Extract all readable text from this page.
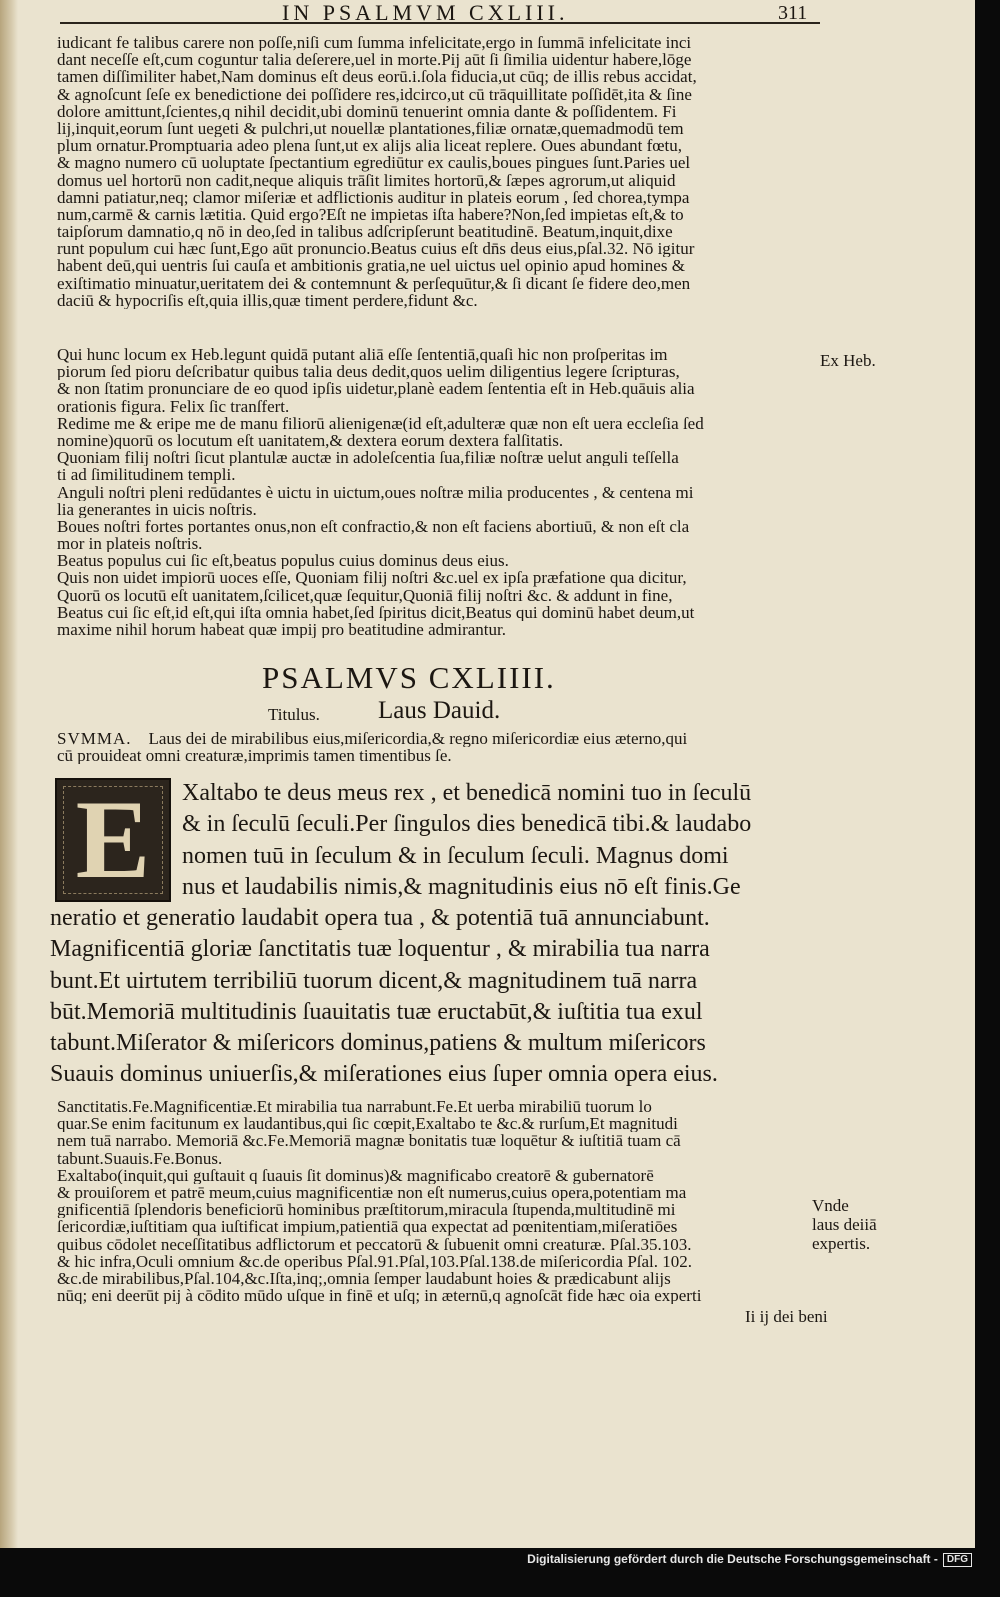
IN PSALMVM CXLIII.	311
iudicant fe talibus carere non poſſe,niſi cum ſumma infelicitate,ergo in ſummā infelicitate inci
dant neceſſe eſt,cum coguntur talia deſerere,uel in morte.Pij aūt ſi ſimilia uidentur habere,lōge
tamen diſſimiliter habet,Nam dominus eſt deus eorū.i.ſola fiducia,ut cūq; de illis rebus accidat,
& agnoſcunt ſeſe ex benedictione dei poſſidere res,idcirco,ut cū trāquillitate poſſidēt,ita & ſine
dolore amittunt,ſcientes,q nihil decidit,ubi dominū tenuerint omnia dante & poſſidentem. Fi
lij,inquit,eorum ſunt uegeti & pulchri,ut nouellæ plantationes,filiæ ornatæ,quemadmodū tem
plum ornatur.Promptuaria adeo plena ſunt,ut ex alijs alia liceat replere. Oues abundant fœtu,
& magno numero cū uoluptate ſpectantium egrediūtur ex caulis,boues pingues ſunt.Paries uel
domus uel hortorū non cadit,neque aliquis trāſit limites hortorū,& ſæpes agrorum,ut aliquid
damni patiatur,neq; clamor miſeriæ et adflictionis auditur in plateis eorum , ſed chorea,tympa
num,carmē & carnis lætitia. Quid ergo?Eſt ne impietas iſta habere?Non,ſed impietas eſt,& to
taipſorum damnatio,q nō in deo,ſed in talibus adſcripſerunt beatitudinē. Beatum,inquit,dixe
runt populum cui hæc ſunt,Ego aūt pronuncio.Beatus cuius eſt dn̄s deus eius,pſal.32. Nō igitur
habent deū,qui uentris ſui cauſa et ambitionis gratia,ne uel uictus uel opinio apud homines &
exiſtimatio minuatur,ueritatem dei & contemnunt & perſequūtur,& ſi dicant ſe fidere deo,men
daciū & hypocriſis eſt,quia illis,quæ timent perdere,fidunt &c.
Qui hunc locum ex Heb.legunt quidā putant aliā eſſe ſententiā,quaſi hic non proſperitas im
piorum ſed pioru deſcribatur quibus talia deus dedit,quos uelim diligentius legere ſcripturas,
& non ſtatim pronunciare de eo quod ipſis uidetur,planè eadem ſententia eſt in Heb.quāuis alia
orationis figura. Felix ſic tranſfert.
Redime me & eripe me de manu filiorū alienigenæ(id eſt,adulteræ quæ non eſt uera eccleſia ſed
nomine)quorū os locutum eſt uanitatem,& dextera eorum dextera falſitatis.
Quoniam filij noſtri ſicut plantulæ auctæ in adoleſcentia ſua,filiæ noſtræ uelut anguli teſſella
ti ad ſimilitudinem templi.
Anguli noſtri pleni redūdantes è uictu in uictum,oues noſtræ milia producentes , & centena mi
lia generantes in uicis noſtris.
Boues noſtri fortes portantes onus,non eſt confractio,& non eſt faciens abortiuū, & non eſt cla
mor in plateis noſtris.
Beatus populus cui ſic eſt,beatus populus cuius dominus deus eius.
Quis non uidet impiorū uoces eſſe, Quoniam filij noſtri &c.uel ex ipſa præfatione qua dicitur,
Quorū os locutū eſt uanitatem,ſcilicet,quæ ſequitur,Quoniā filij noſtri &c. & addunt in fine,
Beatus cui ſic eſt,id eſt,qui iſta omnia habet,ſed ſpiritus dicit,Beatus qui dominū habet deum,ut
maxime nihil horum habeat quæ impij pro beatitudine admirantur.
Ex Heb.
PSALMVS CXLIIII.
Titulus. Laus Dauid.
SVMMA. Laus dei de mirabilibus eius,miſericordia,& regno miſericordiæ eius æterno,qui
cū prouideat omni creaturæ,imprimis tamen timentibus ſe.
E	Xaltabo te deus meus rex , et benedicā nomini tuo in ſeculū
& in ſeculū ſeculi.Per ſingulos dies benedicā tibi.& laudabo
nomen tuū in ſeculum & in ſeculum ſeculi. Magnus domi
nus et laudabilis nimis,& magnitudinis eius nō eſt finis.Ge
neratio et generatio laudabit opera tua , & potentiā tuā annunciabunt.
Magnificentiā gloriæ ſanctitatis tuæ loquentur , & mirabilia tua narra
bunt.Et uirtutem terribiliū tuorum dicent,& magnitudinem tuā narra
būt.Memoriā multitudinis ſuauitatis tuæ eructabūt,& iuſtitia tua exul
tabunt.Miſerator & miſericors dominus,patiens & multum miſericors
Suauis dominus uniuerſis,& miſerationes eius ſuper omnia opera eius.
Sanctitatis.Fe.Magnificentiæ.Et mirabilia tua narrabunt.Fe.Et uerba mirabiliū tuorum lo
quar.Se enim facitunum ex laudantibus,qui ſic cœpit,Exaltabo te &c.& rurſum,Et magnitudi
nem tuā narrabo. Memoriā &c.Fe.Memoriā magnæ bonitatis tuæ loquētur & iuſtitiā tuam cā
tabunt.Suauis.Fe.Bonus.
Exaltabo(inquit,qui guſtauit q ſuauis ſit dominus)& magnificabo creatorē & gubernatorē
& prouiſorem et patrē meum,cuius magnificentiæ non eſt numerus,cuius opera,potentiam ma
gnificentiā ſplendoris beneficiorū hominibus præſtitorum,miracula ſtupenda,multitudinē mi
ſericordiæ,iuſtitiam qua iuſtificat impium,patientiā qua expectat ad pœnitentiam,miſeratiōes
quibus cōdolet neceſſitatibus adflictorum et peccatorū & ſubuenit omni creaturæ. Pſal.35.103.
& hic infra,Oculi omnium &c.de operibus Pſal.91.Pſal,103.Pſal.138.de miſericordia Pſal. 102.
&c.de mirabilibus,Pſal.104,&c.Iſta,inq;,omnia ſemper laudabunt hoies & prædicabunt alijs
nūq; eni deerūt pij à cōdito mūdo uſque in finē et uſq; in æternū,q agnoſcāt fide hæc oia experti
Vnde
laus deiiā
expertis.
Ii ij dei beni
Digitalisierung gefördert durch die Deutsche Forschungsgemeinschaft - DFG
